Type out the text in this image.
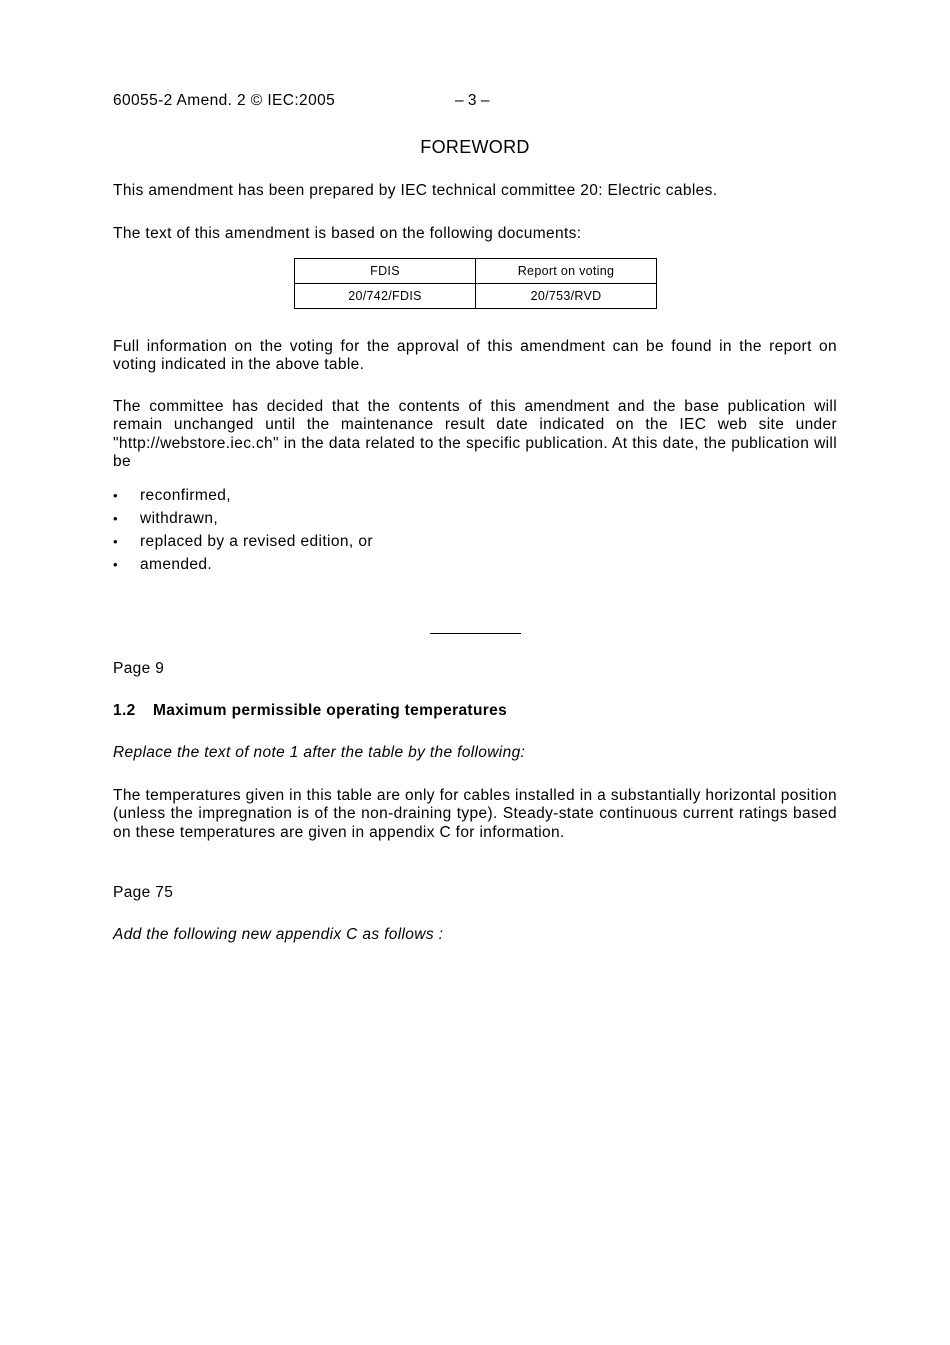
60055-2 Amend. 2 © IEC:2005	– 3 –
FOREWORD
This amendment has been prepared by IEC technical committee 20: Electric cables.
The text of this amendment is based on the following documents:
FDIS	Report on voting
20/742/FDIS	20/753/RVD
Full information on the voting for the approval of this amendment can be found in the report on voting indicated in the above table.
The committee has decided that the contents of this amendment and the base publication will remain unchanged until the maintenance result date indicated on the IEC web site under "http://webstore.iec.ch" in the data related to the specific publication. At this date, the publication will be
• reconfirmed,
• withdrawn,
• replaced by a revised edition, or
• amended.
Page 9
1.2 Maximum permissible operating temperatures
Replace the text of note 1 after the table by the following:
The temperatures given in this table are only for cables installed in a substantially horizontal position (unless the impregnation is of the non-draining type). Steady-state continuous current ratings based on these temperatures are given in appendix C for information.
Page 75
Add the following new appendix C as follows :
